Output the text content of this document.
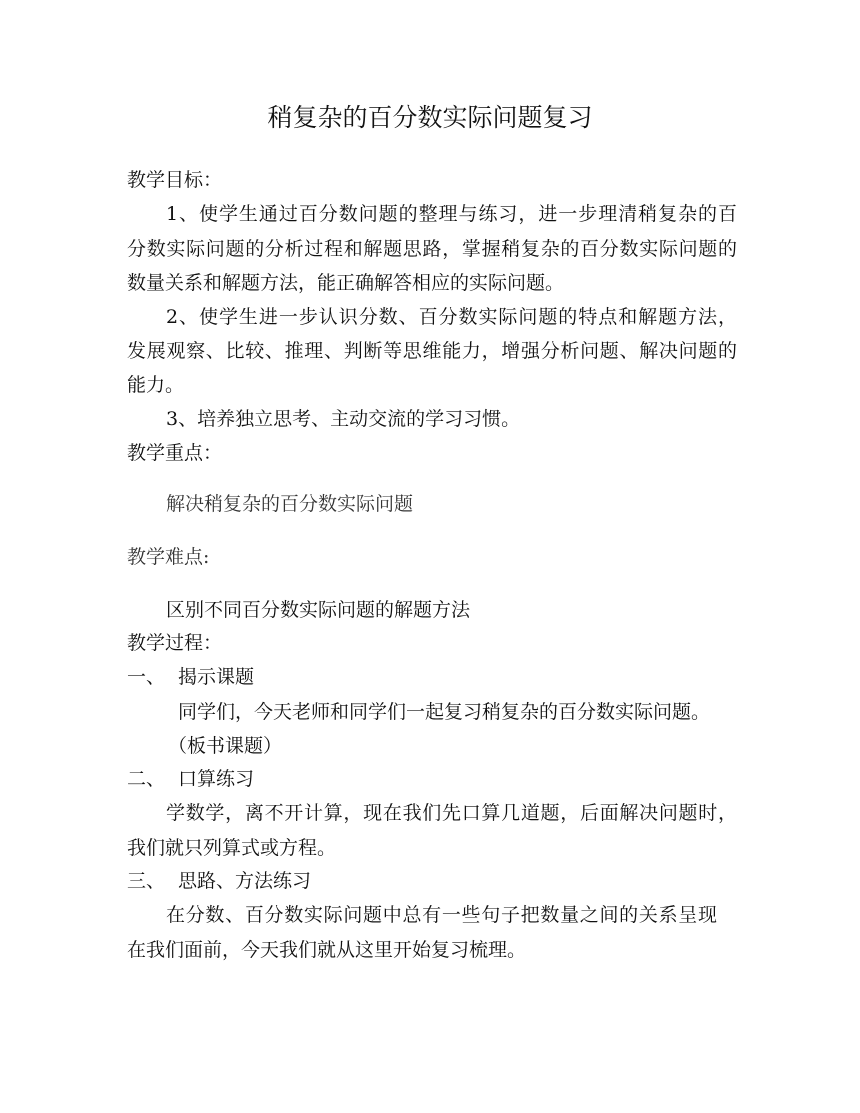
稍复杂的百分数实际问题复习
教学目标：
1、使学生通过百分数问题的整理与练习，进一步理清稍复杂的百
分数实际问题的分析过程和解题思路，掌握稍复杂的百分数实际问题的
数量关系和解题方法，能正确解答相应的实际问题。
2、使学生进一步认识分数、百分数实际问题的特点和解题方法，
发展观察、比较、推理、判断等思维能力，增强分析问题、解决问题的
能力。
3、培养独立思考、主动交流的学习习惯。
教学重点：
解决稍复杂的百分数实际问题
教学难点:
区别不同百分数实际问题的解题方法
教学过程：
一、 揭示课题
同学们，今天老师和同学们一起复习稍复杂的百分数实际问题。
（板书课题）
二、 口算练习
学数学，离不开计算，现在我们先口算几道题，后面解决问题时，
我们就只列算式或方程。
三、 思路、方法练习
在分数、百分数实际问题中总有一些句子把数量之间的关系呈现
在我们面前，今天我们就从这里开始复习梳理。
